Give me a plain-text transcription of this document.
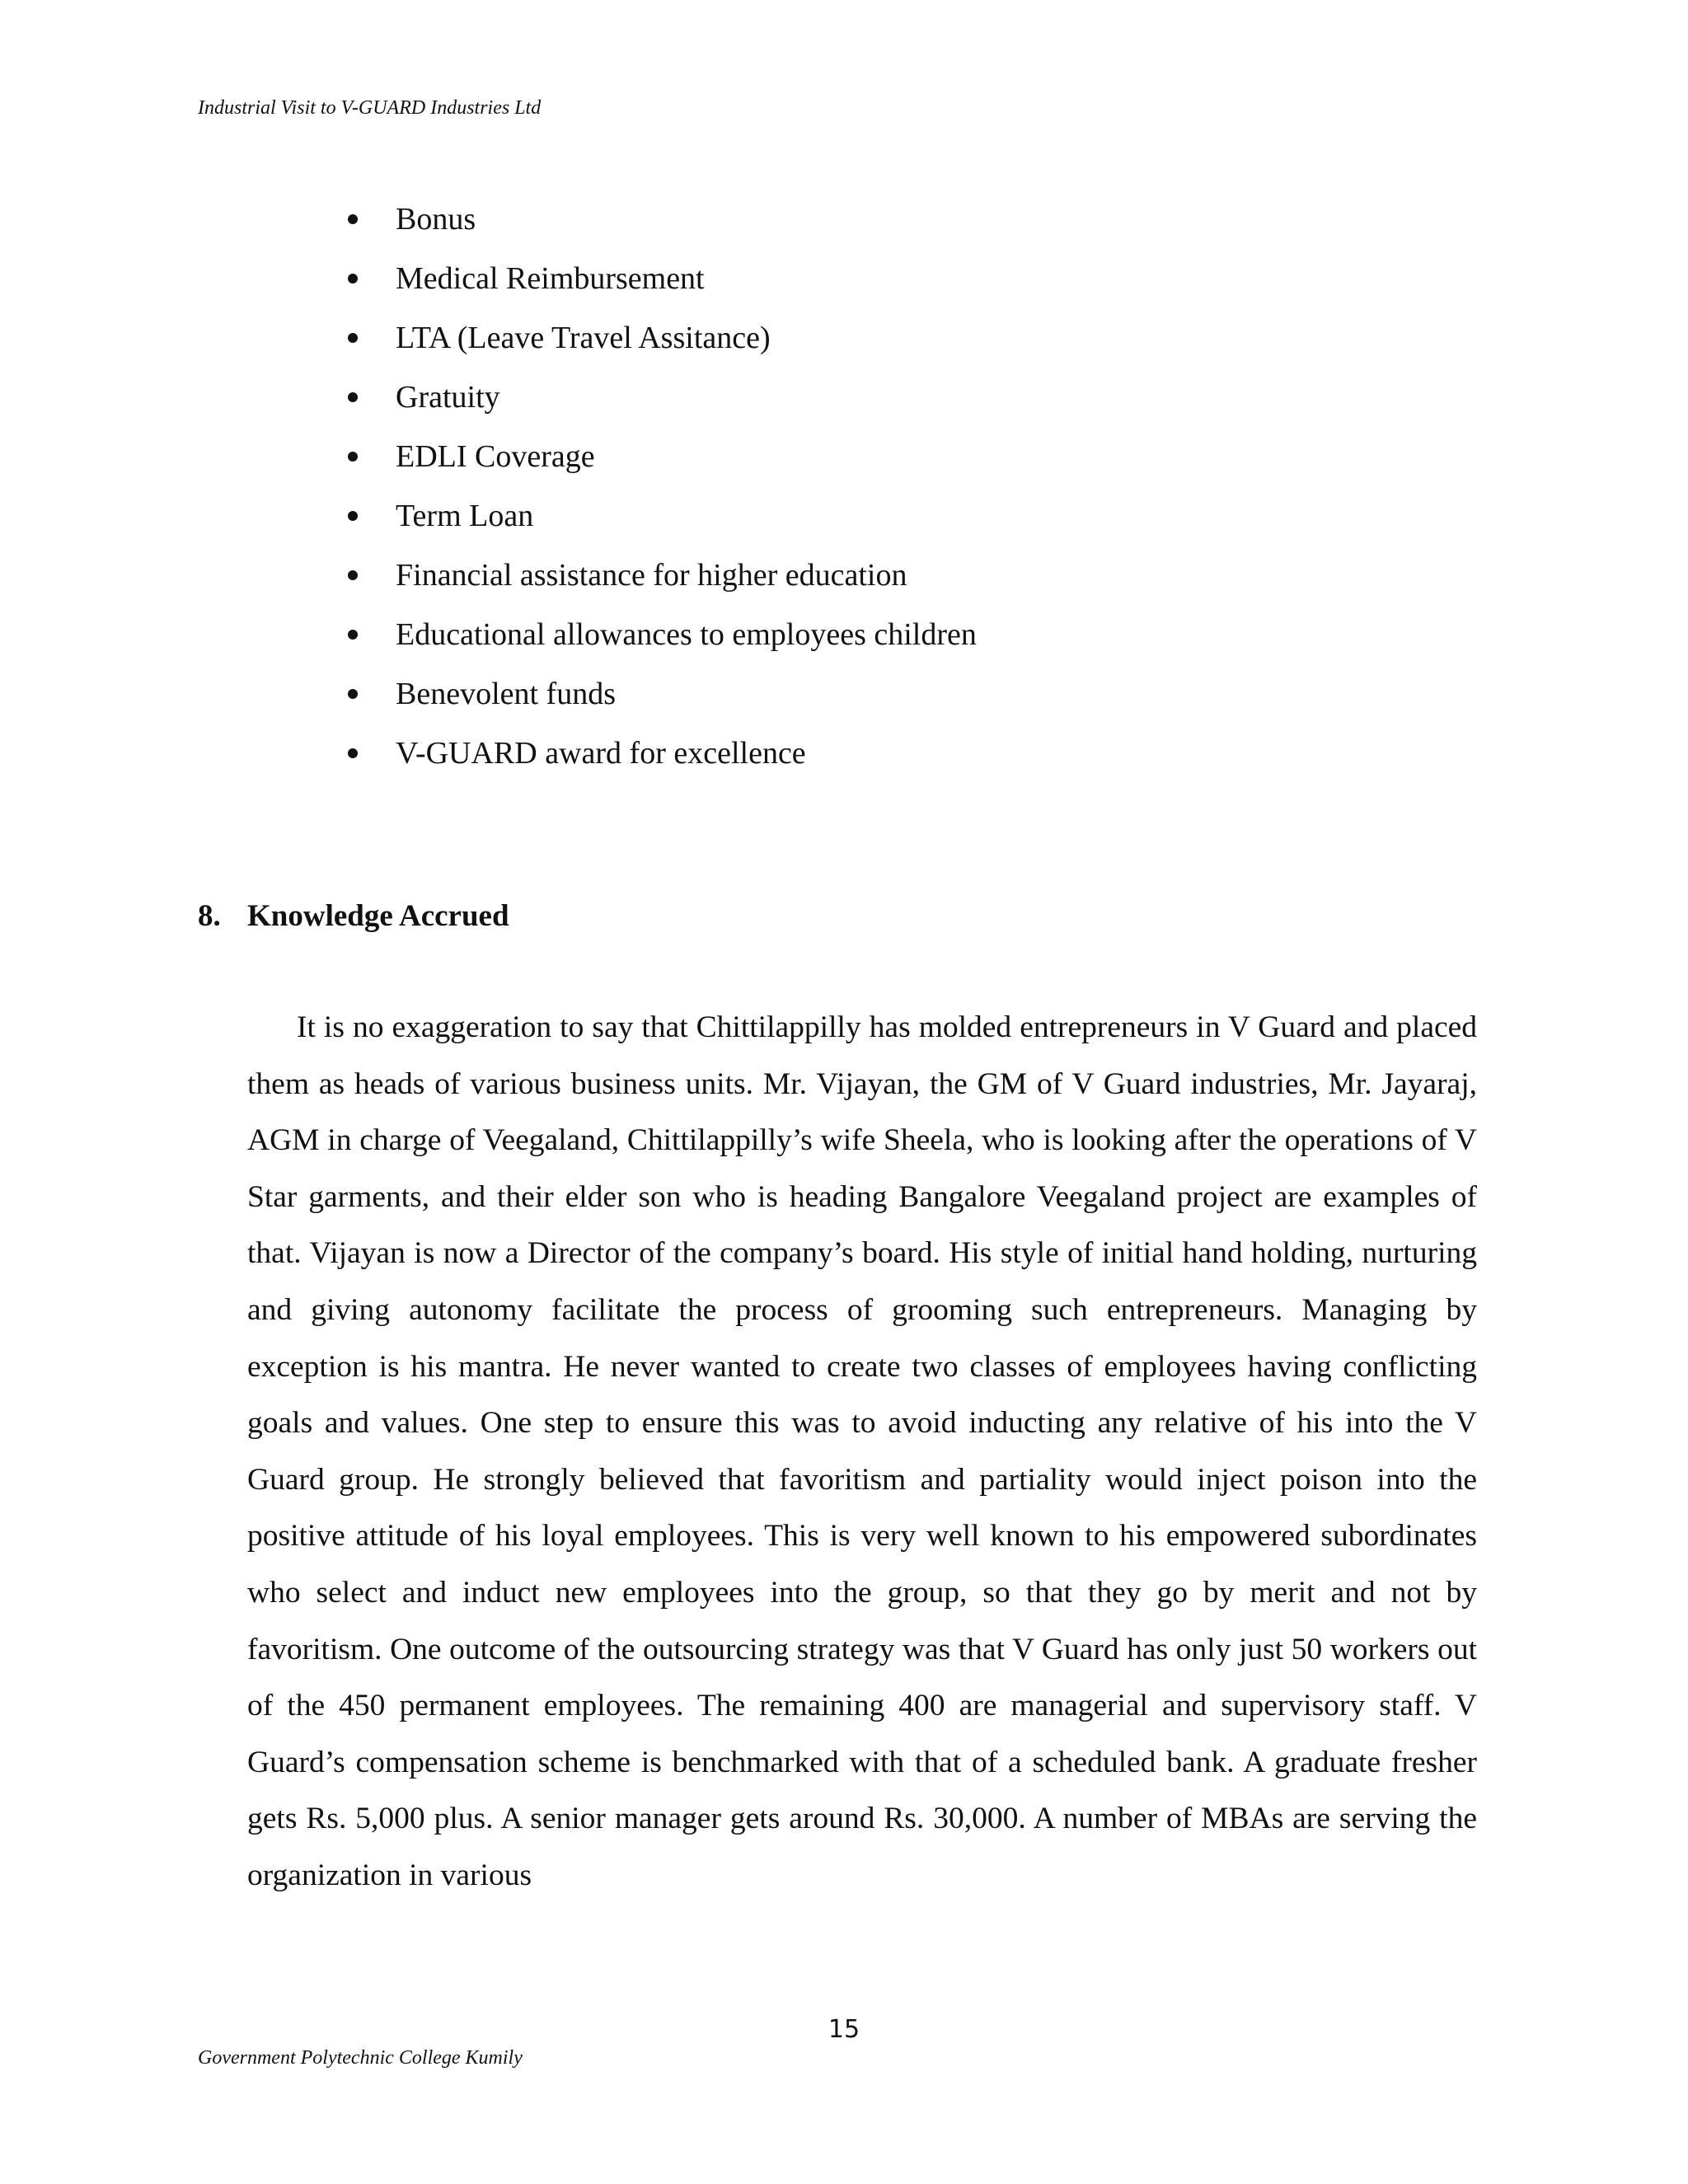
Industrial Visit to V-GUARD Industries Ltd
Bonus
Medical Reimbursement
LTA (Leave Travel Assitance)
Gratuity
EDLI Coverage
Term Loan
Financial assistance for higher education
Educational allowances to employees children
Benevolent funds
V-GUARD award for excellence
8. Knowledge Accrued

It is no exaggeration to say that Chittilappilly has molded entrepreneurs in V Guard and placed them as heads of various business units. Mr. Vijayan, the GM of V Guard industries, Mr. Jayaraj, AGM in charge of Veegaland, Chittilappilly’s wife Sheela, who is looking after the operations of V Star garments, and their elder son who is heading Bangalore Veegaland project are examples of that. Vijayan is now a Director of the company’s board. His style of initial hand holding, nurturing and giving autonomy facilitate the process of grooming such entrepreneurs. Managing by exception is his mantra. He never wanted to create two classes of employees having conflicting goals and values. One step to ensure this was to avoid inducting any relative of his into the V Guard group. He strongly believed that favoritism and partiality would inject poison into the positive attitude of his loyal employees. This is very well known to his empowered subordinates who select and induct new employees into the group, so that they go by merit and not by favoritism. One outcome of the outsourcing strategy was that V Guard has only just 50 workers out of the 450 permanent employees. The remaining 400 are managerial and supervisory staff. V Guard’s compensation scheme is benchmarked with that of a scheduled bank. A graduate fresher gets Rs. 5,000 plus. A senior manager gets around Rs. 30,000. A number of MBAs are serving the organization in various

15
Government Polytechnic College Kumily
